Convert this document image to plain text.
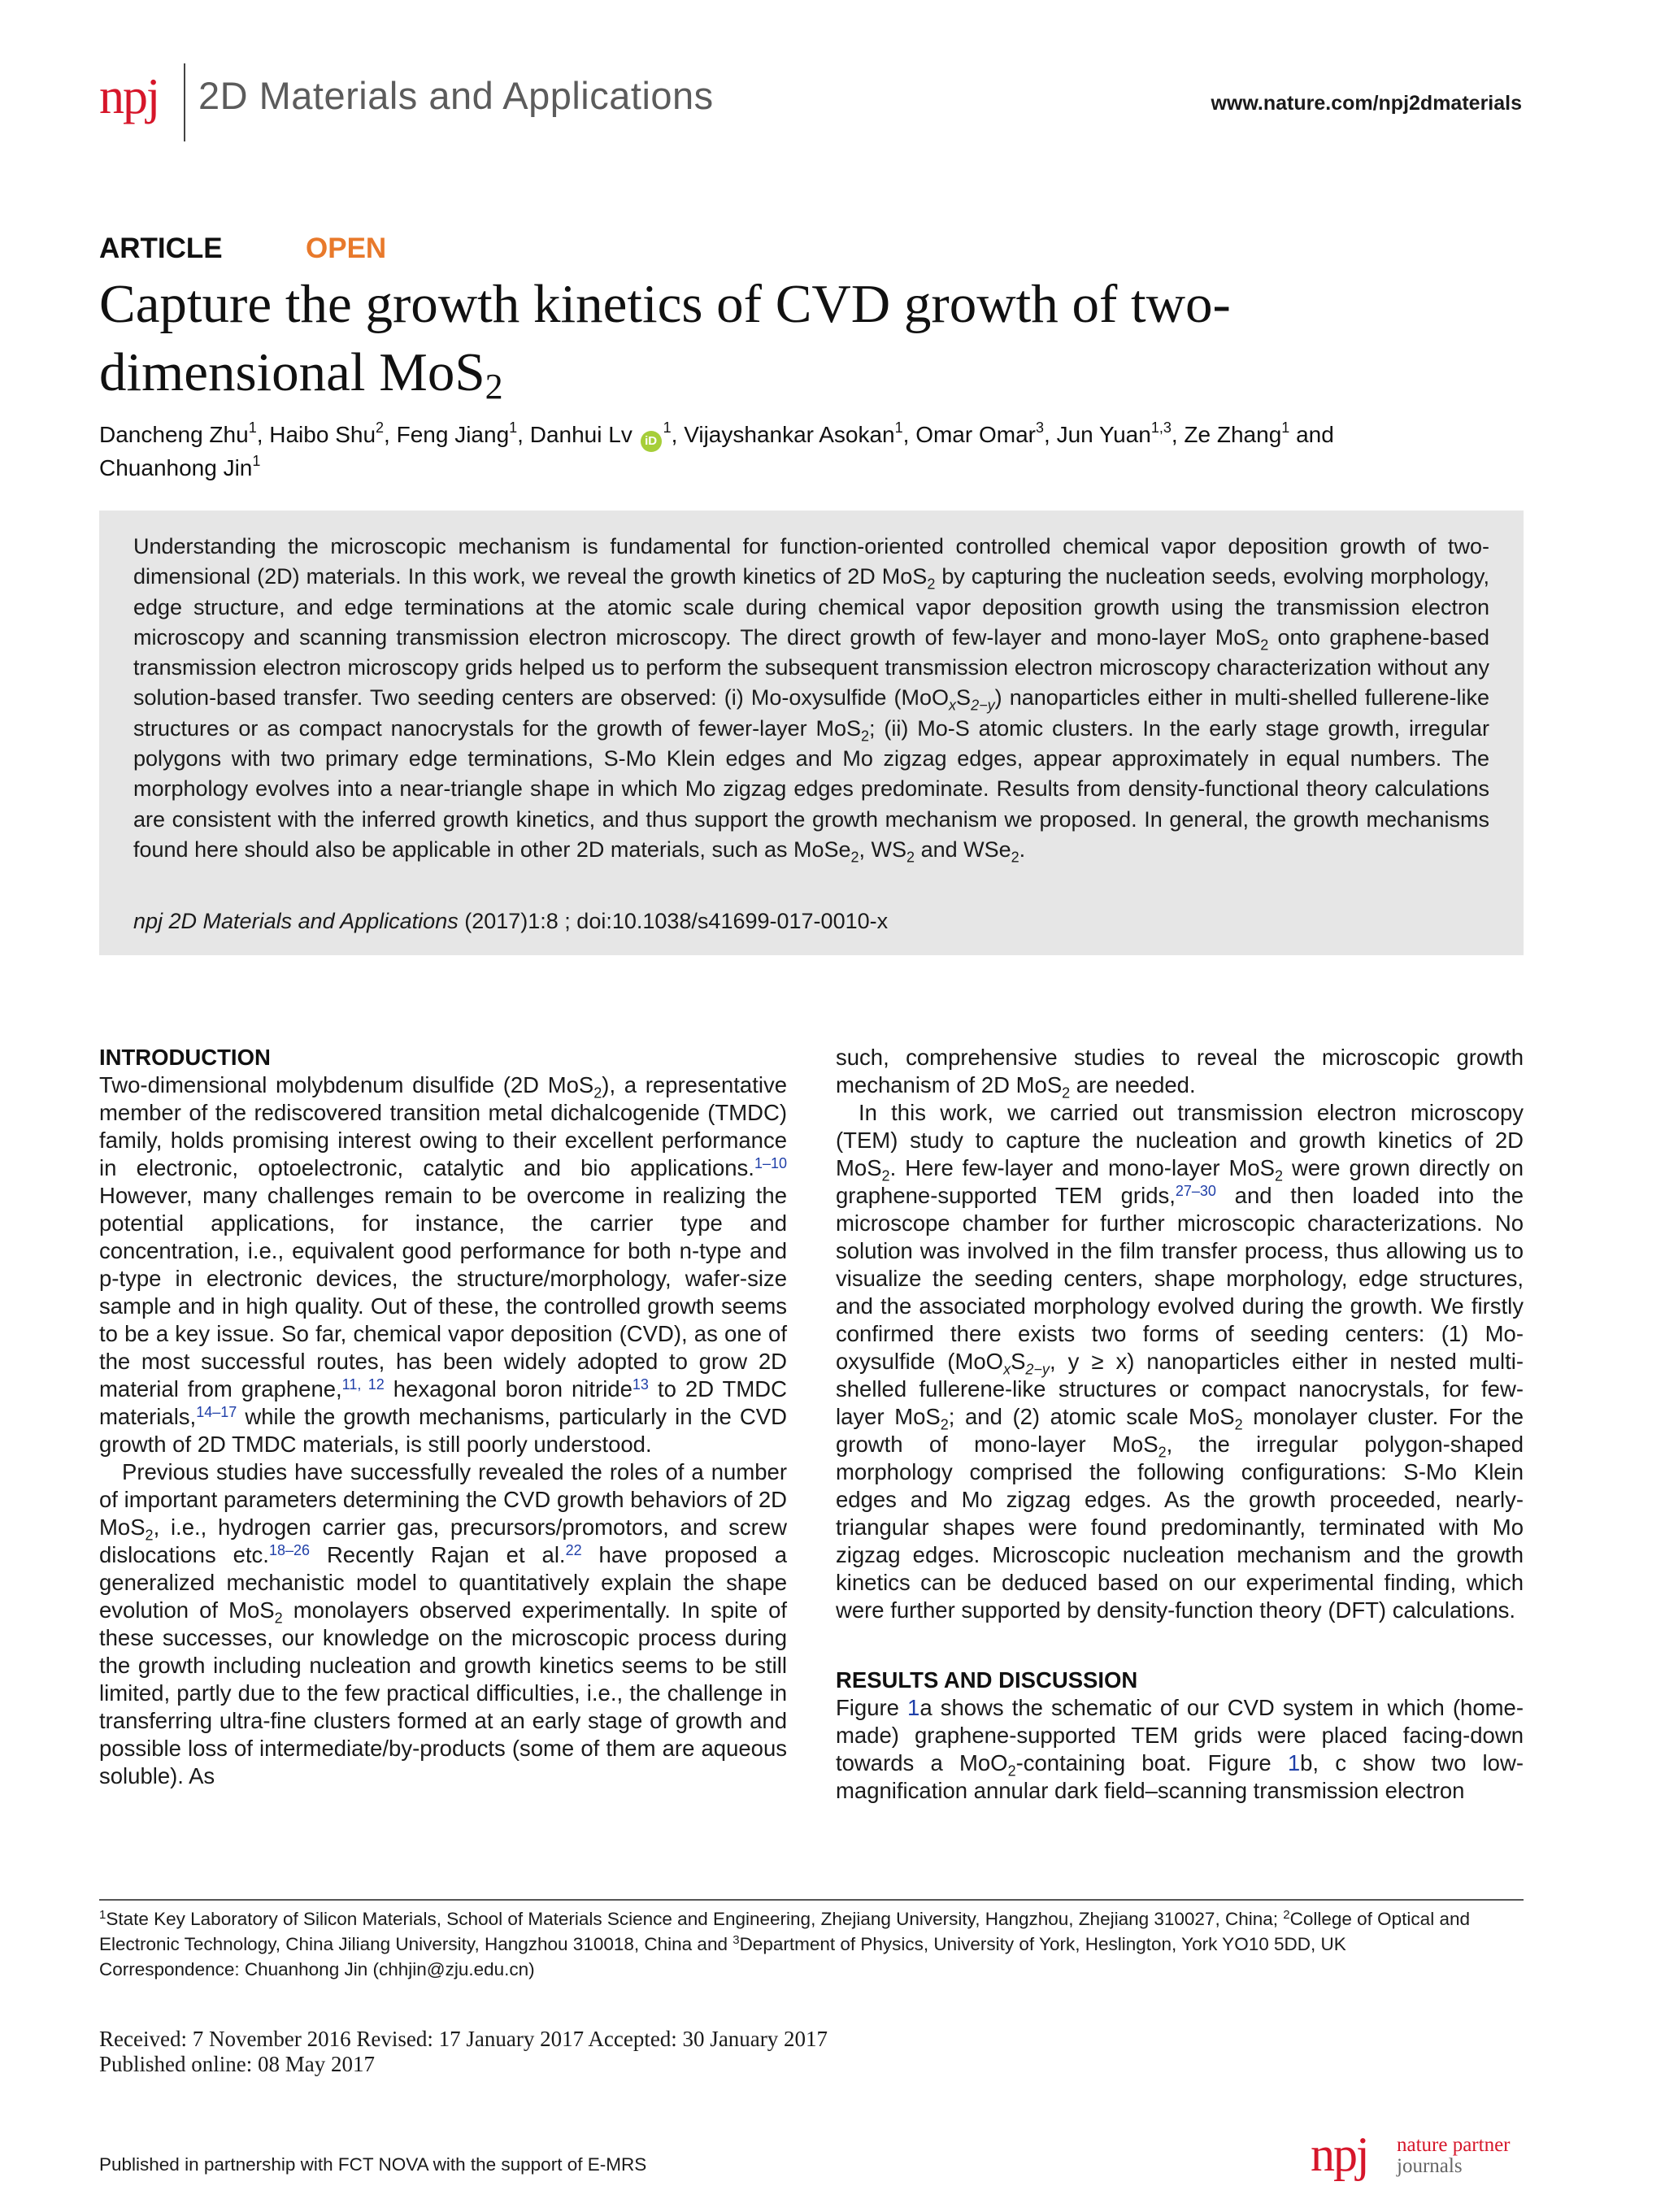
npj 2D Materials and Applications	www.nature.com/npj2dmaterials
ARTICLE	OPEN
Capture the growth kinetics of CVD growth of two-
dimensional MoS$_2$
Dancheng Zhu$^1$, Haibo Shu$^2$, Feng Jiang$^1$, Danhui Lv $iD^1$, Vijayshankar Asokan$^1$, Omar Omar$^3$, Jun Yuan$^{1,3}$, Ze Zhang$^1$ and
Chuanhong Jin$^1$
Understanding the microscopic mechanism is fundamental for function-oriented controlled chemical vapor deposition growth of two-dimensional (2D) materials. In this work, we reveal the growth kinetics of 2D MoS$_2$ by capturing the nucleation seeds, evolving morphology, edge structure, and edge terminations at the atomic scale during chemical vapor deposition growth using the transmission electron microscopy and scanning transmission electron microscopy. The direct growth of few-layer and mono-layer MoS$_2$ onto graphene-based transmission electron microscopy grids helped us to perform the subsequent transmission electron microscopy characterization without any solution-based transfer. Two seeding centers are observed: (i) Mo-oxysulfide $(MoO_xS_{2-y})$ nanoparticles either in multi-shelled fullerene-like structures or as compact nanocrystals for the growth of fewer-layer MoS$_2$; (ii) Mo-S atomic clusters. In the early stage growth, irregular polygons with two primary edge terminations, S-Mo Klein edges and Mo zigzag edges, appear approximately in equal numbers. The morphology evolves into a near-triangle shape in which Mo zigzag edges predominate. Results from density-functional theory calculations are consistent with the inferred growth kinetics, and thus support the growth mechanism we proposed. In general, the growth mechanisms found here should also be applicable in other 2D materials, such as MoSe$_2$, $WS_2$ and WSe$_2$.
npj 2D Materials and Applications (2017)1:8 ; doi:10.1038/s41699-017-0010-x
INTRODUCTION

Two-dimensional molybdenum disulfide (2D MoS$_2$), a representative member of the rediscovered transition metal dichalcogenide (TMDC) family, holds promising interest owing to their excellent performance in electronic, optoelectronic, catalytic and bio applications.$^{1-10}$ However, many challenges remain to be overcome in realizing the potential applications, for instance, the carrier type and concentration, i.e., equivalent good performance for both n-type and p-type in electronic devices, the structure/morphology, wafer-size sample and in high quality. Out of these, the controlled growth seems to be a key issue. So far, chemical vapor deposition (CVD), as one of the most successful routes, has been widely adopted to grow 2D material from graphene,$^{11, 12}$ hexagonal boron nitride$^{13}$ to 2D TMDC materials,$^{14-17}$ while the growth mechanisms, particularly in the CVD growth of 2D TMDC materials, is still poorly understood.

Previous studies have successfully revealed the roles of a number of important parameters determining the CVD growth behaviors of 2D MoS$_2$, i.e., hydrogen carrier gas, precursors/promotors, and screw dislocations etc.$^{18-26}$ Recently Rajan et al.$^{22}$ have proposed a generalized mechanistic model to quantitatively explain the shape evolution of MoS$_2$ monolayers observed experimentally. In spite of these successes, our knowledge on the microscopic process during the growth including nucleation and growth kinetics seems to be still limited, partly due to the few practical difficulties, i.e., the challenge in transferring ultra-fine clusters formed at an early stage of growth and possible loss of intermediate/by-products (some of them are aqueous soluble). As

such, comprehensive studies to reveal the microscopic growth mechanism of 2D MoS$_2$ are needed.

In this work, we carried out transmission electron microscopy (TEM) study to capture the nucleation and growth kinetics of 2D MoS$_2$. Here few-layer and mono-layer MoS$_2$ were grown directly on graphene-supported TEM grids,$^{27-30}$ and then loaded into the microscope chamber for further microscopic characterizations. No solution was involved in the film transfer process, thus allowing us to visualize the seeding centers, shape morphology, edge structures, and the associated morphology evolved during the growth. We firstly confirmed there exists two forms of seeding centers: (1) Mo-oxysulfide ($MoO_xS_{2-y}$, y ≥ x) nanoparticles either in nested multi-shelled fullerene-like structures or compact nanocrystals, for few-layer MoS$_2$; and (2) atomic scale MoS$_2$ monolayer cluster. For the growth of mono-layer MoS$_2$, the irregular polygon-shaped morphology comprised the following configurations: S-Mo Klein edges and Mo zigzag edges. As the growth proceeded, nearly-triangular shapes were found predominantly, terminated with Mo zigzag edges. Microscopic nucleation mechanism and the growth kinetics can be deduced based on our experimental finding, which were further supported by density-function theory (DFT) calculations.

RESULTS AND DISCUSSION

Figure 1a shows the schematic of our CVD system in which (home-made) graphene-supported TEM grids were placed facing-down towards a MoO$_2$-containing boat. Figure 1b, c show two low-magnification annular dark field–scanning transmission electron

$^1$State Key Laboratory of Silicon Materials, School of Materials Science and Engineering, Zhejiang University, Hangzhou, Zhejiang 310027, China; $^2$College of Optical and Electronic Technology, China Jiliang University, Hangzhou 310018, China and $^3$Department of Physics, University of York, Heslington, York YO10 5DD, UK
Correspondence: Chuanhong Jin (chhjin@zju.edu.cn)
Received: 7 November 2016 Revised: 17 January 2017 Accepted: 30 January 2017
Published online: 08 May 2017
Published in partnership with FCT NOVA with the support of E-MRS	npj nature partner
journals
